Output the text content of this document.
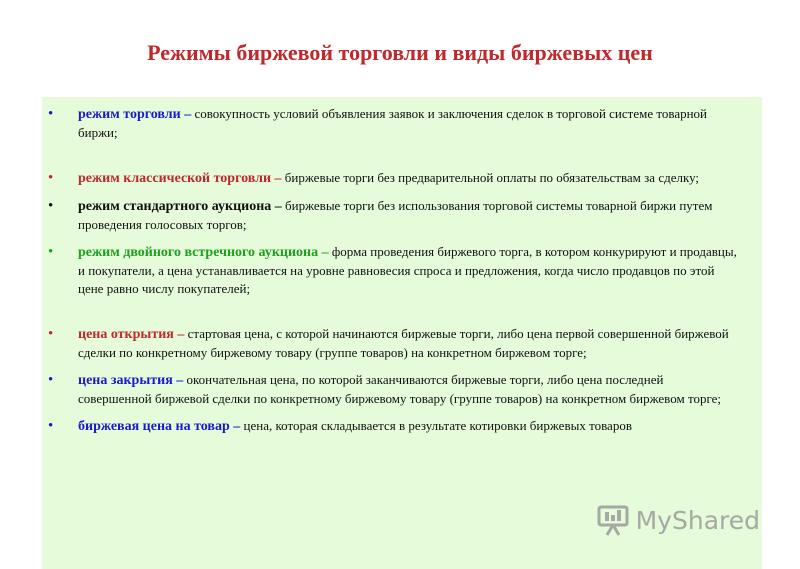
Режимы биржевой торговли и виды биржевых цен
• режим торговли – совокупность условий объявления заявок и заключения сделок в торговой системе товарной биржи;
• режим классической торговли – биржевые торги без предварительной оплаты по обязательствам за сделку;
• режим стандартного аукциона – биржевые торги без использования торговой системы товарной биржи путем проведения голосовых торгов;
• режим двойного встречного аукциона – форма проведения биржевого торга, в котором конкурируют и продавцы, и покупатели, а цена устанавливается на уровне равновесия спроса и предложения, когда число продавцов по этой цене равно числу покупателей;
• цена открытия – стартовая цена, с которой начинаются биржевые торги, либо цена первой совершенной биржевой сделки по конкретному биржевому товару (группе товаров) на конкретном биржевом торге;
• цена закрытия – окончательная цена, по которой заканчиваются биржевые торги, либо цена последней совершенной биржевой сделки по конкретному биржевому товару (группе товаров) на конкретном биржевом торге;
• биржевая цена на товар – цена, которая складывается в результате котировки биржевых товаров
My Shared
